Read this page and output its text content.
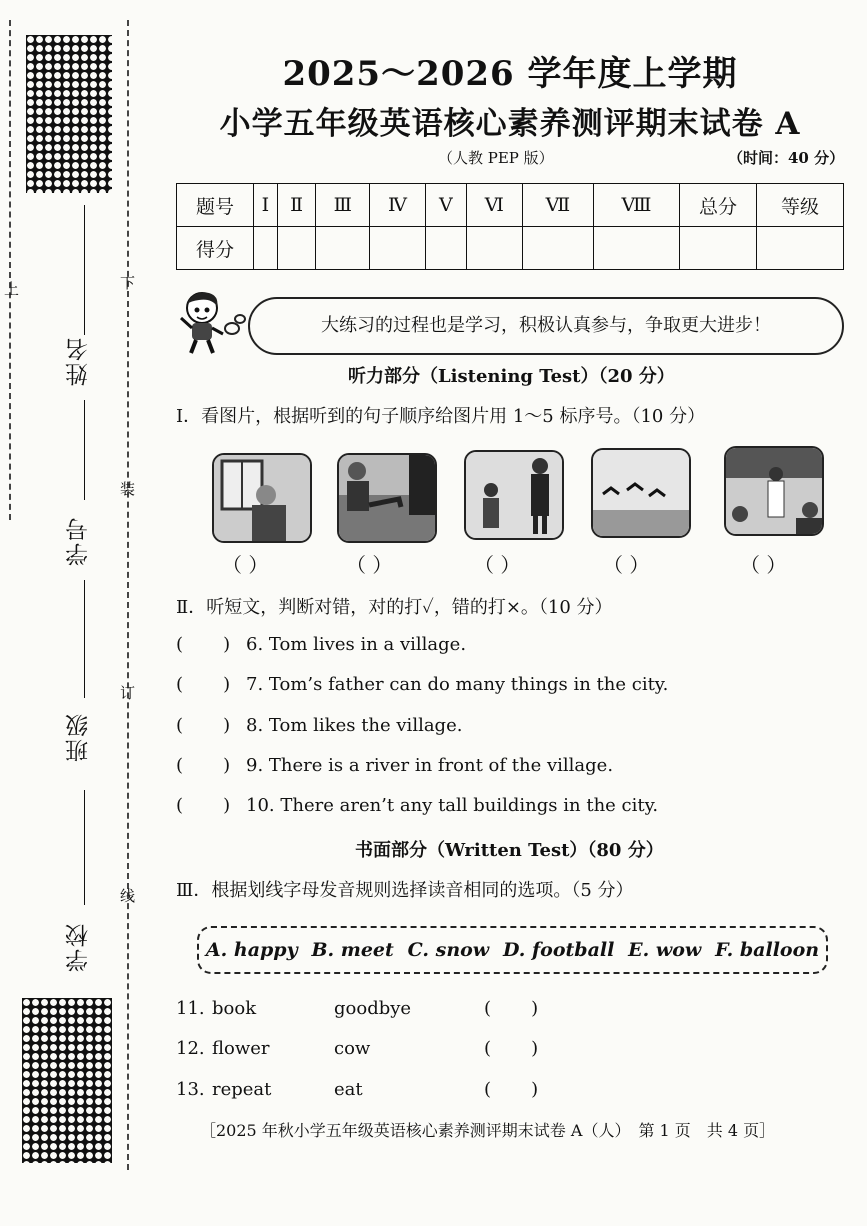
上	下
装
订
线
姓名
学号
班级
学校
2025～2026 学年度上学期
小学五年级英语核心素养测评期末试卷 A
（人教 PEP 版）	（时间：40 分）
题号	Ⅰ	Ⅱ	Ⅲ	Ⅳ	Ⅴ	Ⅵ	Ⅶ	Ⅷ	总分	等级
得分										
大练习的过程也是学习，积极认真参与，争取更大进步！
听力部分（Listening Test）（20 分）
Ⅰ．看图片，根据听到的句子顺序给图片用 1～5 标序号。（10 分）
（ ）	（ ）	（ ）	（ ）	（ ）
Ⅱ．听短文，判断对错，对的打✓，错的打×。（10 分）
(       ) 6. Tom lives in a village.
(       ) 7. Tom’s father can do many things in the city.
(       ) 8. Tom likes the village.
(       ) 9. There is a river in front of the village.
(       ) 10. There aren’t any tall buildings in the city.
书面部分（Written Test）（80 分）
Ⅲ．根据划线字母发音规则选择读音相同的选项。（5 分）
A. happy B. meet C. snow D. football E. wow F. balloon
11. book	goodbye	(       )
12. flower	cow	(       )
13. repeat	eat	(       )
［2025 年秋小学五年级英语核心素养测评期末试卷 A（人）　第 1 页　共 4 页］
